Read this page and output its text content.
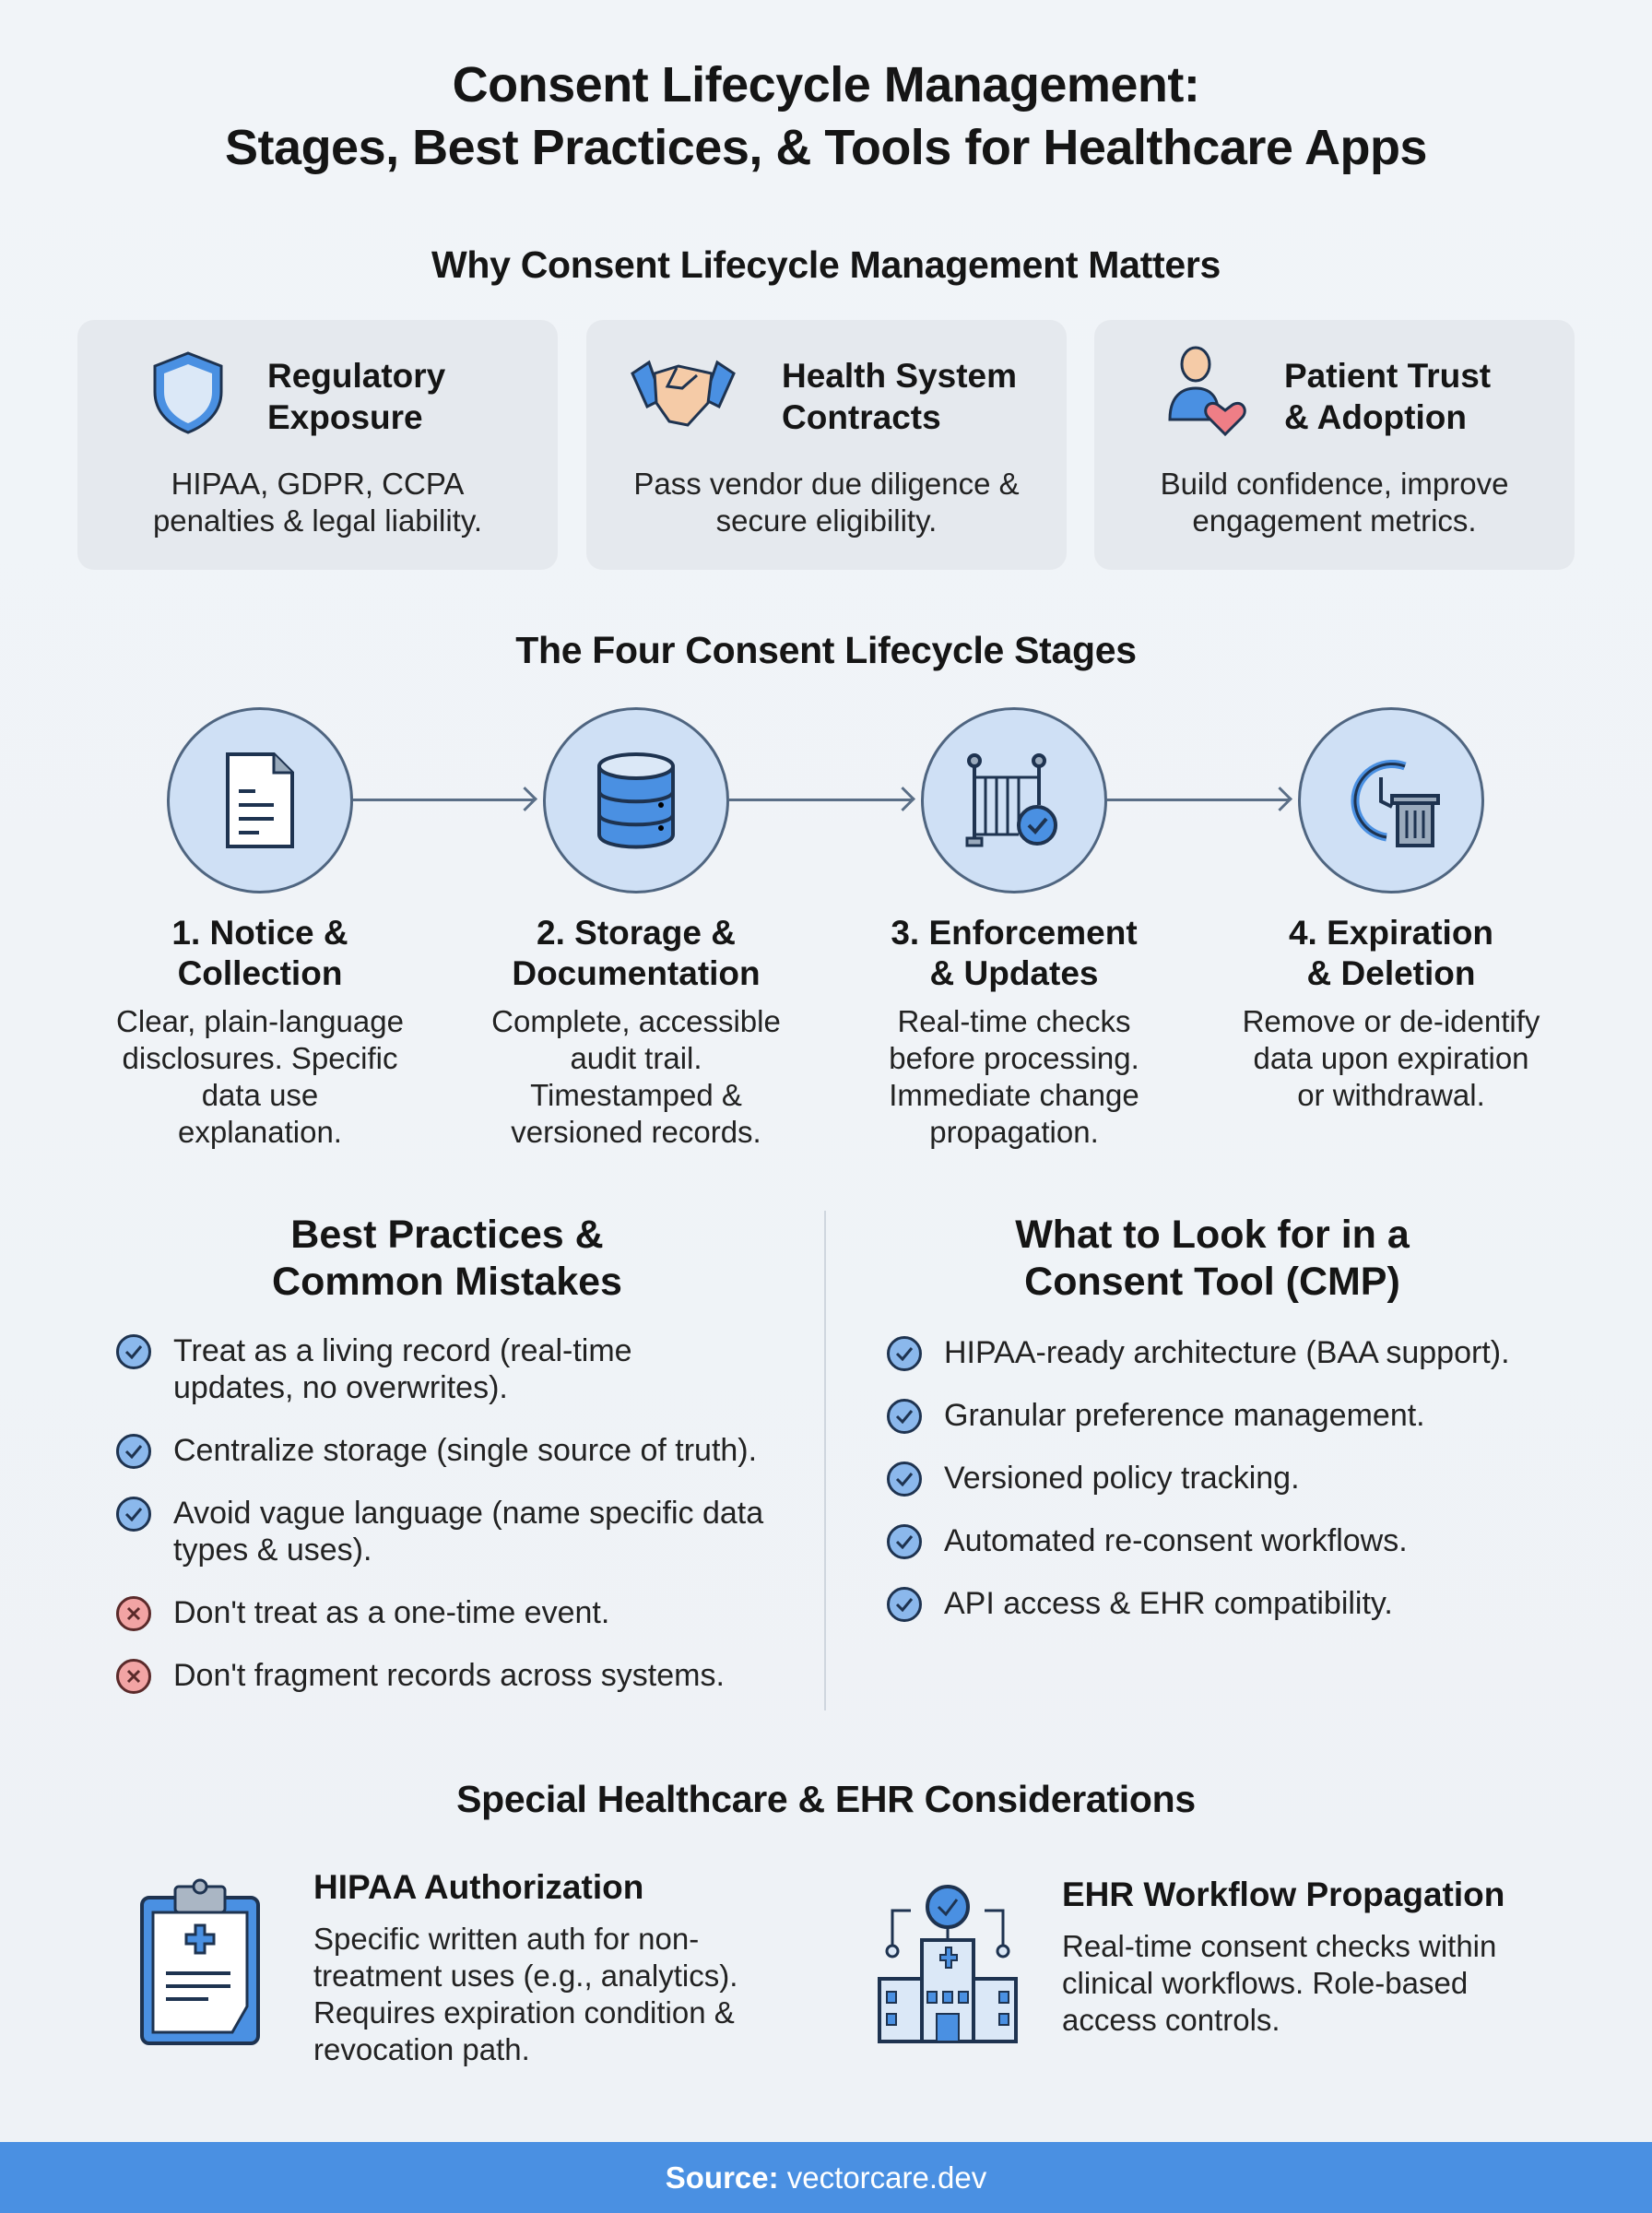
Consent Lifecycle Management:
Stages, Best Practices, & Tools for Healthcare Apps
Why Consent Lifecycle Management Matters
Regulatory
Exposure
HIPAA, GDPR, CCPA
penalties & legal liability.
Health System
Contracts
Pass vendor due diligence &
secure eligibility.
Patient Trust
& Adoption
Build confidence, improve
engagement metrics.
The Four Consent Lifecycle Stages
1. Notice &
Collection
Clear, plain-language
disclosures. Specific
data use
explanation.
2. Storage &
Documentation
Complete, accessible
audit trail.
Timestamped &
versioned records.
3. Enforcement
& Updates
Real-time checks
before processing.
Immediate change
propagation.
4. Expiration
& Deletion
Remove or de-identify
data upon expiration
or withdrawal.
Best Practices &
Common Mistakes
What to Look for in a
Consent Tool (CMP)
Treat as a living record (real-time
updates, no overwrites).
Centralize storage (single source of truth).
Avoid vague language (name specific data
types & uses).
Don't treat as a one-time event.
Don't fragment records across systems.
HIPAA-ready architecture (BAA support).
Granular preference management.
Versioned policy tracking.
Automated re-consent workflows.
API access & EHR compatibility.
Special Healthcare & EHR Considerations
HIPAA Authorization
Specific written auth for non-
treatment uses (e.g., analytics).
Requires expiration condition &
revocation path.
EHR Workflow Propagation
Real-time consent checks within
clinical workflows. Role-based
access controls.
Source:
vectorcare.dev
